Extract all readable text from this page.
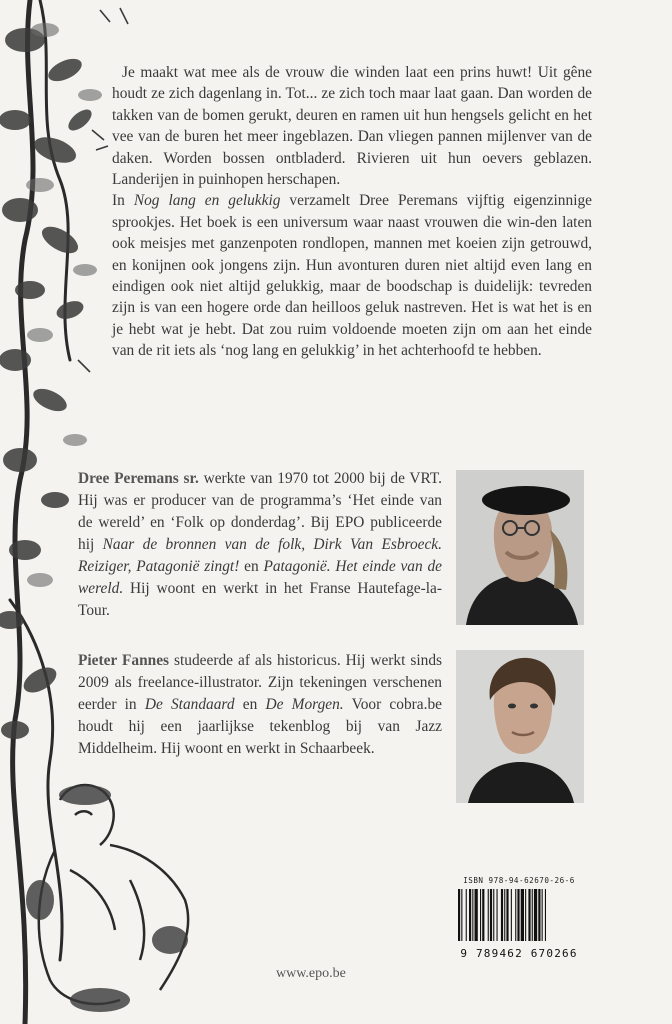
Je maakt wat mee als de vrouw die winden laat een prins huwt! Uit gêne houdt ze zich dagenlang in. Tot... ze zich toch maar laat gaan. Dan worden de takken van de bomen gerukt, deuren en ramen uit hun hengsels gelicht en het vee van de buren het meer ingeblazen. Dan vliegen pannen mijlenver van de daken. Worden bossen ontbladerd. Rivieren uit hun oevers geblazen. Landerijen in puinhopen herschapen.

In Nog lang en gelukkig verzamelt Dree Peremans vijftig eigenzinnige sprookjes. Het boek is een universum waar naast vrouwen die win-den laten ook meisjes met ganzenpoten rondlopen, mannen met koeien zijn getrouwd, en konijnen ook jongens zijn. Hun avonturen duren niet altijd even lang en eindigen ook niet altijd gelukkig, maar de boodschap is duidelijk: tevreden zijn is van een hogere orde dan heilloos geluk nastreven. Het is wat het is en je hebt wat je hebt. Dat zou ruim voldoende moeten zijn om aan het einde van de rit iets als ‘nog lang en gelukkig’ in het achterhoofd te hebben.

Dree Peremans sr. werkte van 1970 tot 2000 bij de VRT. Hij was er producer van de programma’s ‘Het einde van de wereld’ en ‘Folk op donderdag’. Bij EPO publiceerde hij Naar de bronnen van de folk, Dirk Van Esbroeck. Reiziger, Patagonië zingt! en Patagonië. Het einde van de wereld. Hij woont en werkt in het Franse Hautefage-la-Tour.
Pieter Fannes studeerde af als historicus. Hij werkt sinds 2009 als freelance-illustrator. Zijn tekeningen verschenen eerder in De Standaard en De Morgen. Voor cobra.be houdt hij een jaarlijkse tekenblog bij van Jazz Middelheim. Hij woont en werkt in Schaarbeek.
www.epo.be
ISBN 978-94-62670-26-6
9 789462 670266
